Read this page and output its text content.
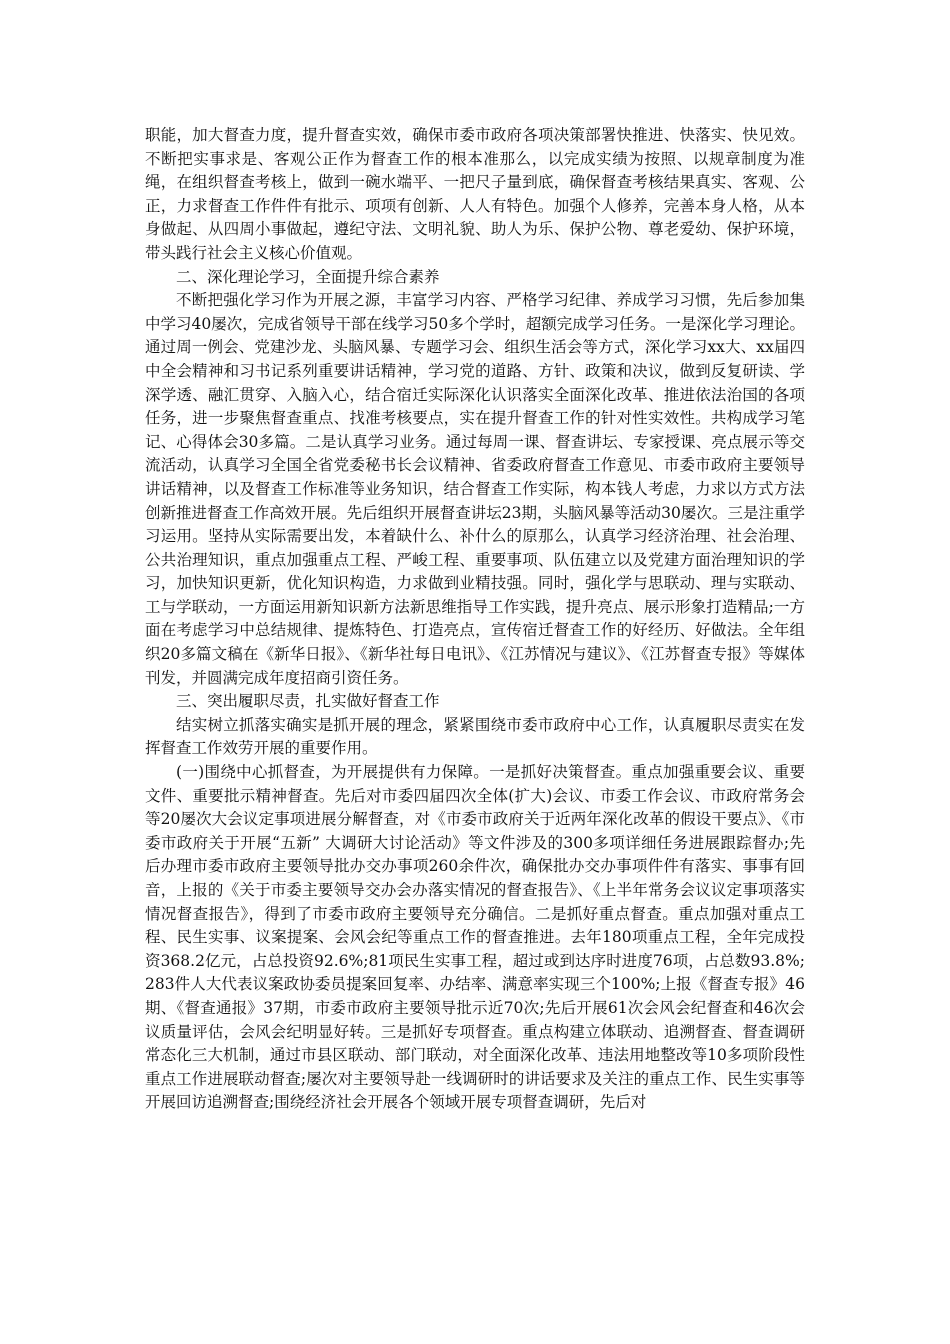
职能，加大督查力度，提升督查实效，确保市委市政府各项决策部署快推进、快落实、快见效。不断把实事求是、客观公正作为督查工作的根本准那么，以完成实绩为按照、以规章制度为准绳，在组织督查考核上，做到一碗水端平、一把尺子量到底，确保督查考核结果真实、客观、公正，力求督查工作件件有批示、项项有创新、人人有特色。加强个人修养，完善本身人格，从本身做起、从四周小事做起，遵纪守法、文明礼貌、助人为乐、保护公物、尊老爱幼、保护环境，带头践行社会主义核心价值观。

二、深化理论学习，全面提升综合素养

不断把强化学习作为开展之源，丰富学习内容、严格学习纪律、养成学习习惯，先后参加集中学习40屡次，完成省领导干部在线学习50多个学时，超额完成学习任务。一是深化学习理论。通过周一例会、党建沙龙、头脑风暴、专题学习会、组织生活会等方式，深化学习xx大、xx届四中全会精神和习书记系列重要讲话精神，学习党的道路、方针、政策和决议，做到反复研读、学深学透、融汇贯穿、入脑入心，结合宿迁实际深化认识落实全面深化改革、推进依法治国的各项任务，进一步聚焦督查重点、找准考核要点，实在提升督查工作的针对性实效性。共构成学习笔记、心得体会30多篇。二是认真学习业务。通过每周一课、督查讲坛、专家授课、亮点展示等交流活动，认真学习全国全省党委秘书长会议精神、省委政府督查工作意见、市委市政府主要领导讲话精神，以及督查工作标准等业务知识，结合督查工作实际，构本钱人考虑，力求以方式方法创新推进督查工作高效开展。先后组织开展督查讲坛23期，头脑风暴等活动30屡次。三是注重学习运用。坚持从实际需要出发，本着缺什么、补什么的原那么，认真学习经济治理、社会治理、公共治理知识，重点加强重点工程、严峻工程、重要事项、队伍建立以及党建方面治理知识的学习，加快知识更新，优化知识构造，力求做到业精技强。同时，强化学与思联动、理与实联动、工与学联动，一方面运用新知识新方法新思维指导工作实践，提升亮点、展示形象打造精品;一方面在考虑学习中总结规律、提炼特色、打造亮点，宣传宿迁督查工作的好经历、好做法。全年组织20多篇文稿在《新华日报》、《新华社每日电讯》、《江苏情况与建议》、《江苏督查专报》等媒体刊发，并圆满完成年度招商引资任务。

三、突出履职尽责，扎实做好督查工作

结实树立抓落实确实是抓开展的理念，紧紧围绕市委市政府中心工作，认真履职尽责实在发挥督查工作效劳开展的重要作用。

(一)围绕中心抓督查，为开展提供有力保障。一是抓好决策督查。重点加强重要会议、重要文件、重要批示精神督查。先后对市委四届四次全体(扩大)会议、市委工作会议、市政府常务会等20屡次大会议定事项进展分解督查，对《市委市政府关于近两年深化改革的假设干要点》、《市委市政府关于开展“五新” 大调研大讨论活动》等文件涉及的300多项详细任务进展跟踪督办;先后办理市委市政府主要领导批办交办事项260余件次，确保批办交办事项件件有落实、事事有回音，上报的《关于市委主要领导交办会办落实情况的督查报告》、《上半年常务会议议定事项落实情况督查报告》，得到了市委市政府主要领导充分确信。二是抓好重点督查。重点加强对重点工程、民生实事、议案提案、会风会纪等重点工作的督查推进。去年180项重点工程，全年完成投资368.2亿元，占总投资92.6%;81项民生实事工程，超过或到达序时进度76项，占总数93.8%;283件人大代表议案政协委员提案回复率、办结率、满意率实现三个100%;上报《督查专报》46期、《督查通报》37期，市委市政府主要领导批示近70次;先后开展61次会风会纪督查和46次会议质量评估，会风会纪明显好转。三是抓好专项督查。重点构建立体联动、追溯督查、督查调研常态化三大机制，通过市县区联动、部门联动，对全面深化改革、违法用地整改等10多项阶段性重点工作进展联动督查;屡次对主要领导赴一线调研时的讲话要求及关注的重点工作、民生实事等开展回访追溯督查;围绕经济社会开展各个领域开展专项督查调研，先后对
